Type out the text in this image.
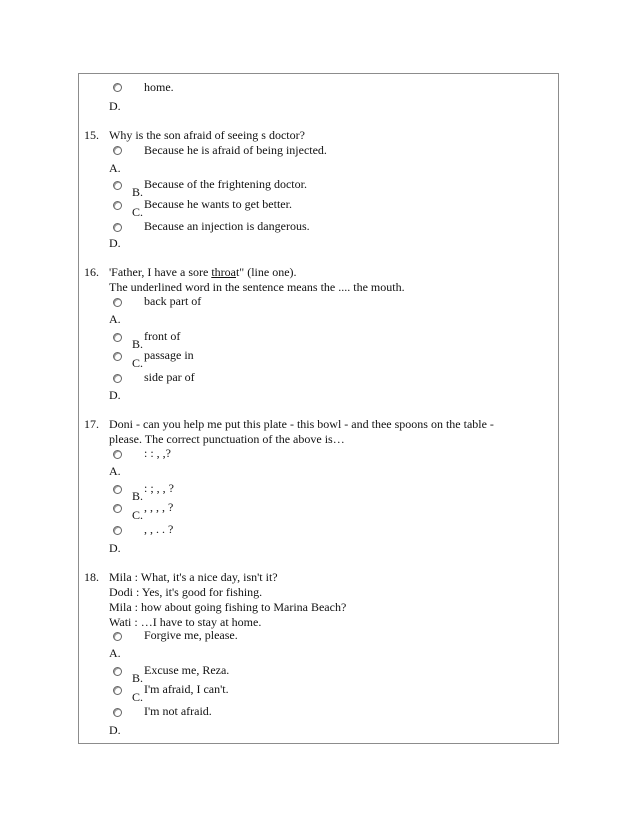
home.
D.
15. Why is the son afraid of seeing s doctor?
Because he is afraid of being injected.
A.
B.
Because of the frightening doctor.
C.
Because he wants to get better.
Because an injection is dangerous.
D.
16. 'Father, I have a sore throat" (line one).
The underlined word in the sentence means the .... the mouth.
back part of
A.
B.
front of
C.
passage in
side par of
D.
17. Doni - can you help me put this plate - this bowl - and thee spoons on the table -
please. The correct punctuation of the above is…
: : , ,?
A.
B.
: ; , , ?
C.
, , , , ?
, , . . ?
D.
18. Mila : What, it's a nice day, isn't it?
Dodi : Yes, it's good for fishing.
Mila : how about going fishing to Marina Beach?
Wati : …I have to stay at home.
Forgive me, please.
A.
B.
Excuse me, Reza.
C.
I'm afraid, I can't.
I'm not afraid.
D.
